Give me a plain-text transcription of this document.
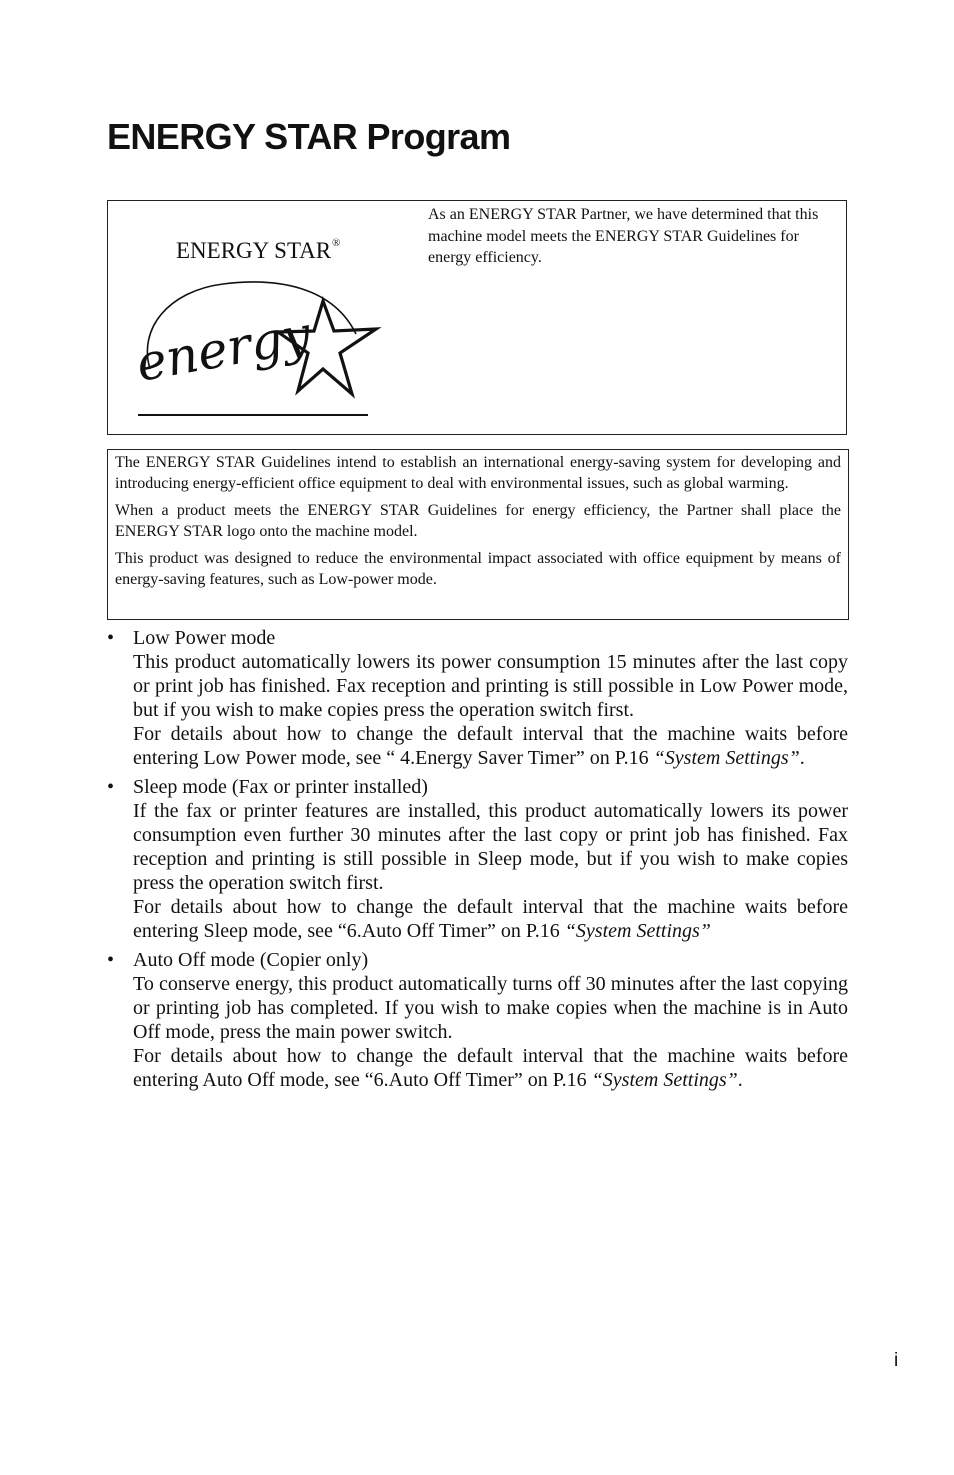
ENERGY STAR Program
ENERGY STAR ®
energy

As an ENERGY STAR Partner, we have determined that this machine model meets the ENERGY STAR Guidelines for energy efficiency.

The ENERGY STAR Guidelines intend to establish an international energy-saving system for developing and introducing energy-efficient office equipment to deal with environmental issues, such as global warming.

When a product meets the ENERGY STAR Guidelines for energy efficiency, the Partner shall place the ENERGY STAR logo onto the machine model.

This product was designed to reduce the environmental impact associated with office equipment by means of energy-saving features, such as Low-power mode.

• Low Power mode
This product automatically lowers its power consumption 15 minutes after the last copy or print job has finished. Fax reception and printing is still possible in Low Power mode, but if you wish to make copies press the operation switch first.
For details about how to change the default interval that the machine waits before entering Low Power mode, see “ 4.Energy Saver Timer” on P.16 “System Settings”.
• Sleep mode (Fax or printer installed)
If the fax or printer features are installed, this product automatically lowers its power consumption even further 30 minutes after the last copy or print job has finished. Fax reception and printing is still possible in Sleep mode, but if you wish to make copies press the operation switch first.
For details about how to change the default interval that the machine waits before entering Sleep mode, see “6.Auto Off Timer” on P.16 “System Settings”
• Auto Off mode (Copier only)
To conserve energy, this product automatically turns off 30 minutes after the last copying or printing job has completed. If you wish to make copies when the machine is in Auto Off mode, press the main power switch.
For details about how to change the default interval that the machine waits before entering Auto Off mode, see “6.Auto Off Timer” on P.16 “System Settings”.
i
